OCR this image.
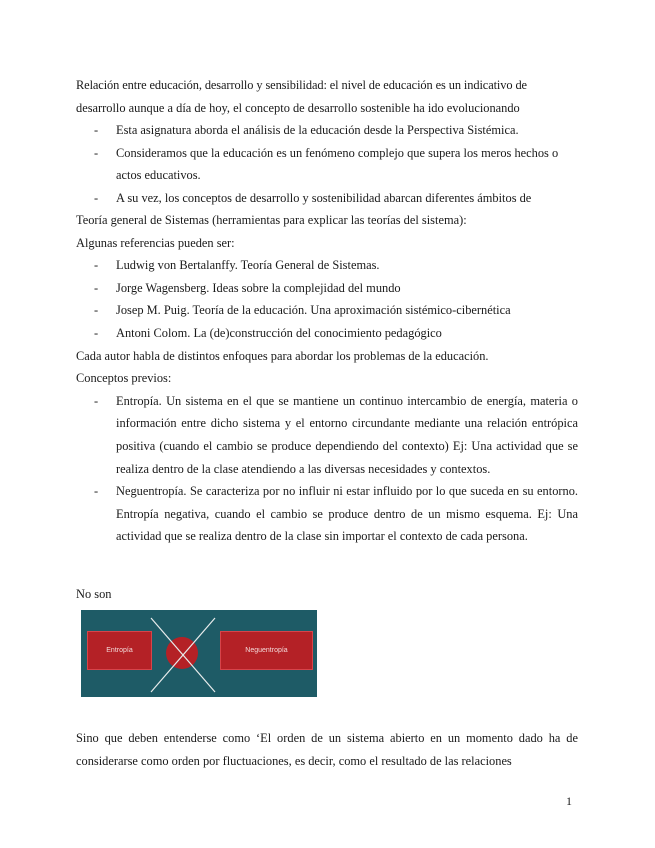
Relación entre educación, desarrollo y sensibilidad: el nivel de educación es un indicativo de

desarrollo aunque a día de hoy, el concepto de desarrollo sostenible ha ido evolucionando

- Esta asignatura aborda el análisis de la educación desde la Perspectiva Sistémica.
- Consideramos que la educación es un fenómeno complejo que supera los meros hechos o actos educativos.
- A su vez, los conceptos de desarrollo y sostenibilidad abarcan diferentes ámbitos de

Teoría general de Sistemas (herramientas para explicar las teorías del sistema):

Algunas referencias pueden ser:

- Ludwig von Bertalanffy. Teoría General de Sistemas.
- Jorge Wagensberg. Ideas sobre la complejidad del mundo
- Josep M. Puig. Teoría de la educación. Una aproximación sistémico-cibernética
- Antoni Colom. La (de)construcción del conocimiento pedagógico

Cada autor habla de distintos enfoques para abordar los problemas de la educación.

Conceptos previos:

- Entropía. Un sistema en el que se mantiene un continuo intercambio de energía, materia o información entre dicho sistema y el entorno circundante mediante una relación entrópica positiva (cuando el cambio se produce dependiendo del contexto) Ej: Una actividad que se realiza dentro de la clase atendiendo a las diversas necesidades y contextos.
- Neguentropía. Se caracteriza por no influir ni estar influido por lo que suceda en su entorno. Entropía negativa, cuando el cambio se produce dentro de un mismo esquema. Ej: Una actividad que se realiza dentro de la clase sin importar el contexto de cada persona.
No son
Entropía	Neguentropía
Sino que deben entenderse como ‘El orden de un sistema abierto en un momento dado ha de considerarse como orden por fluctuaciones, es decir, como el resultado de las relaciones
1
